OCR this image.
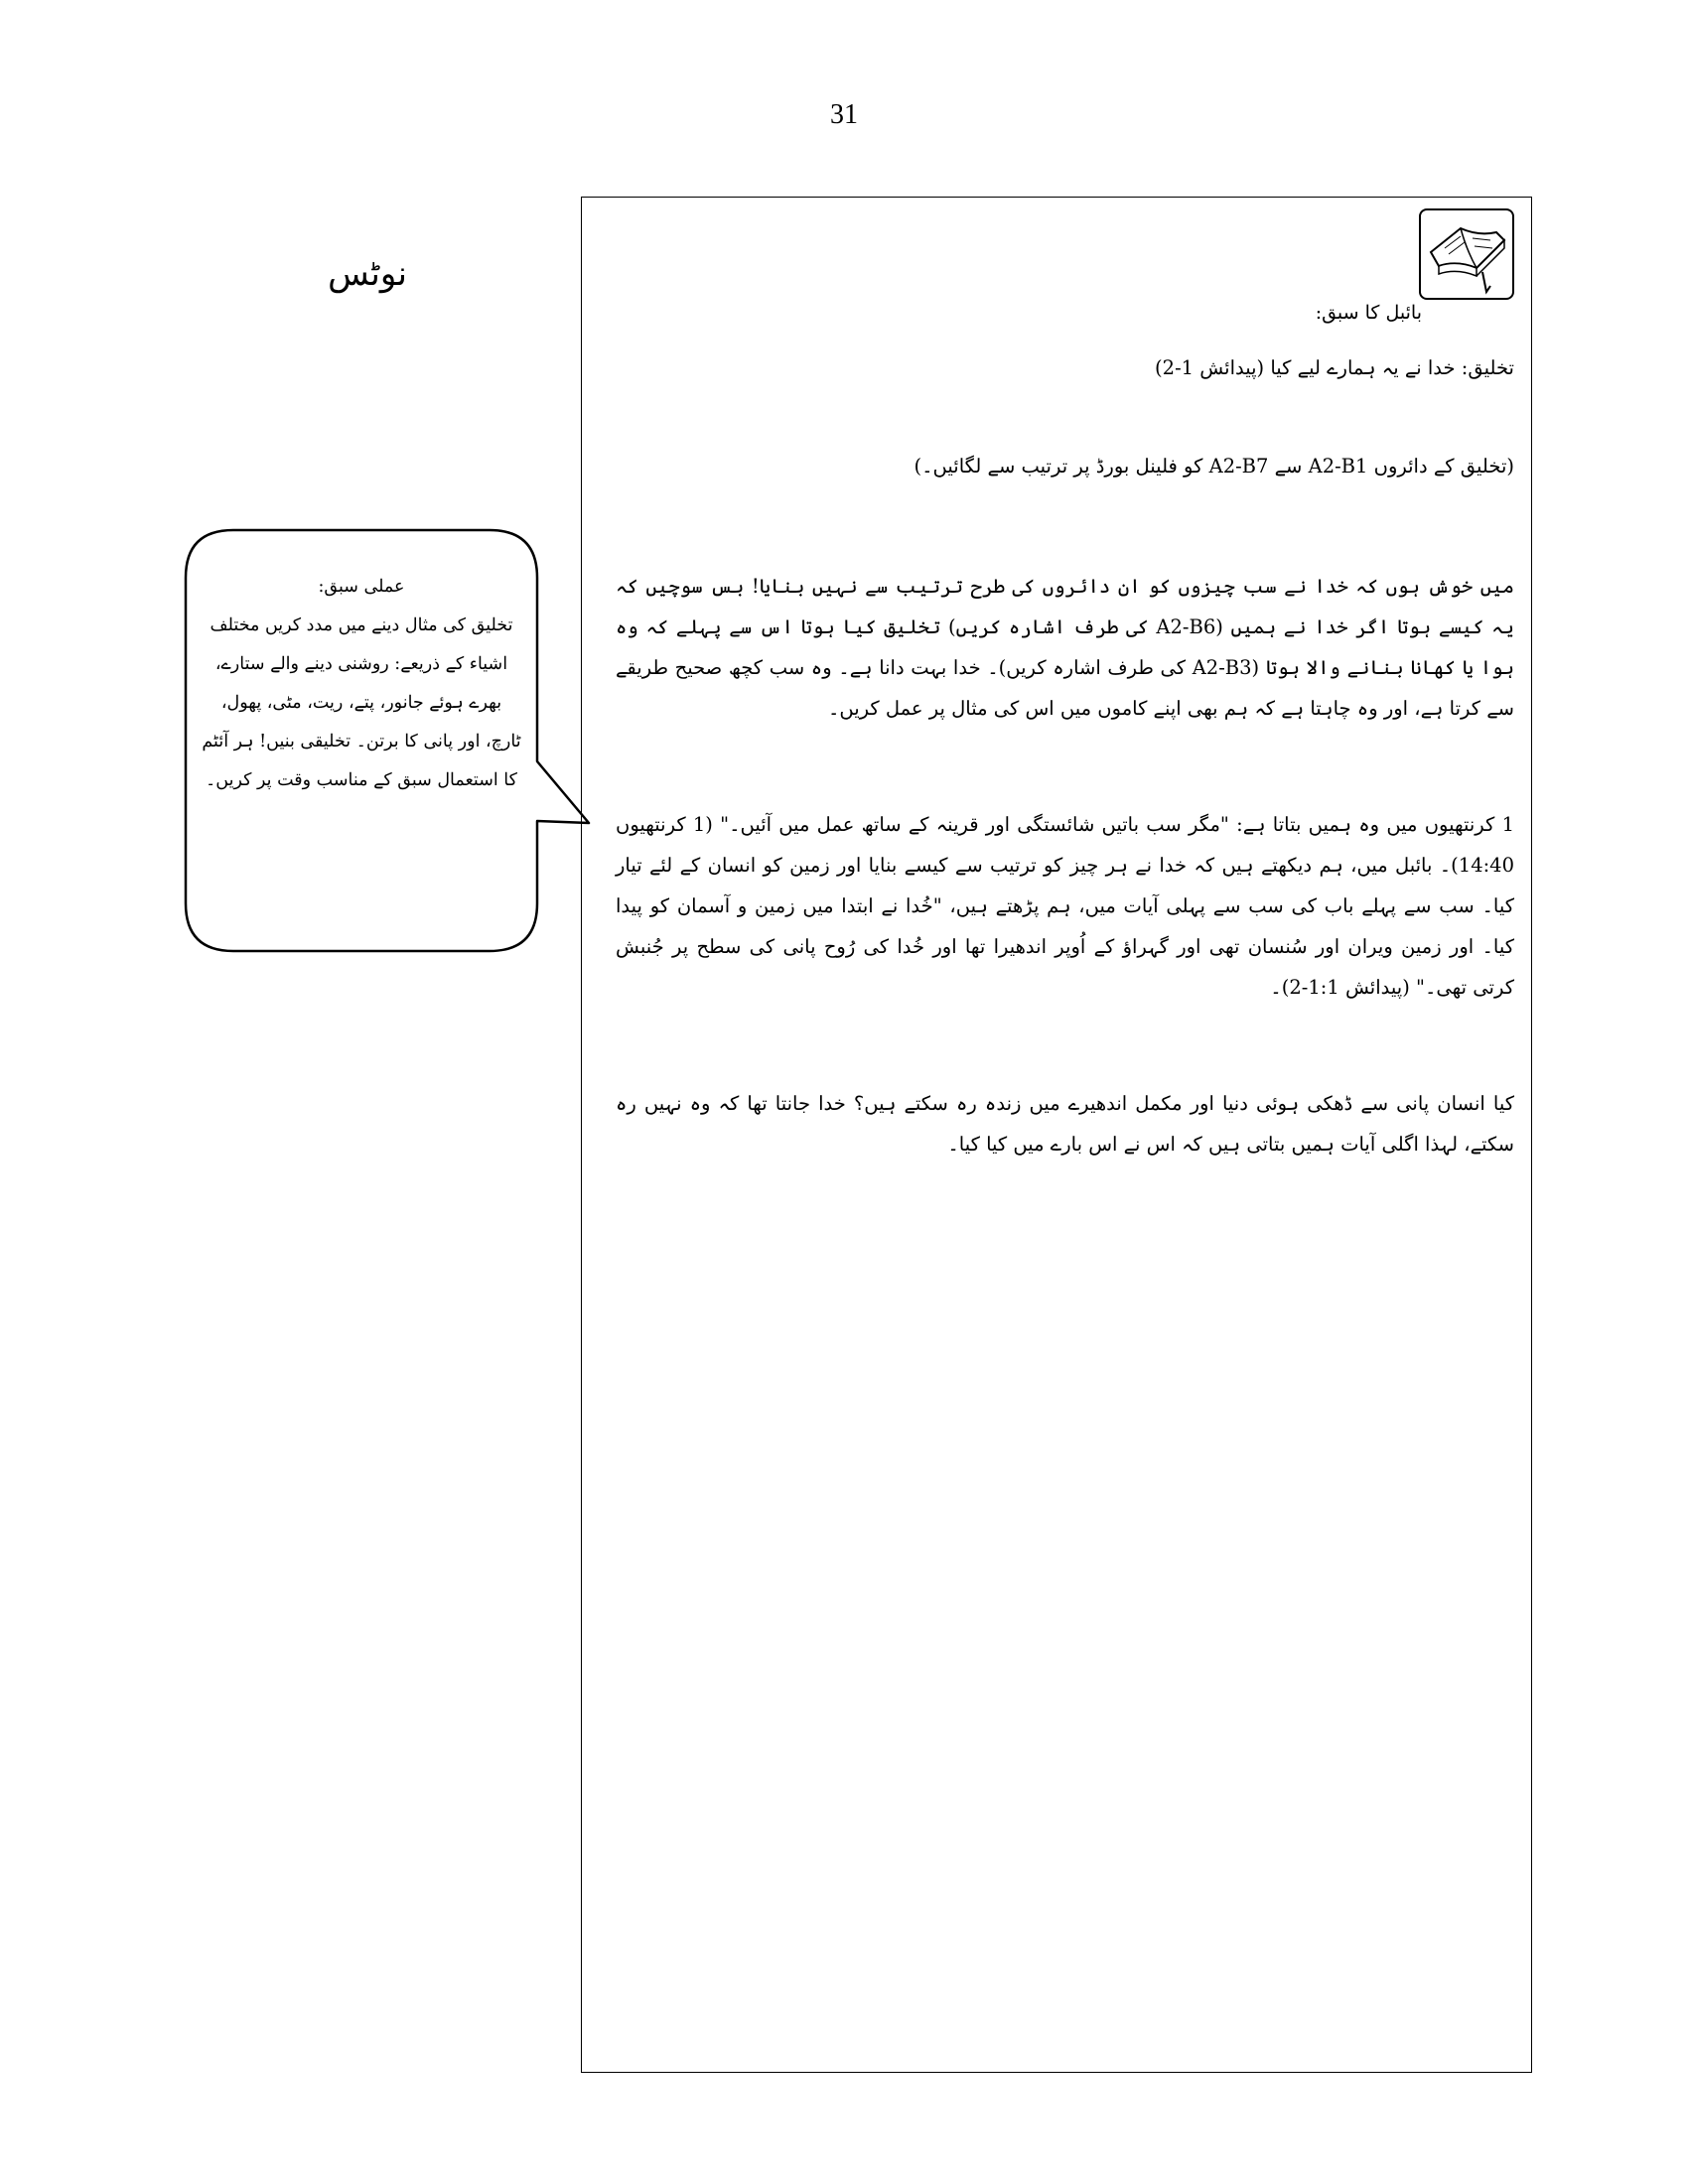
31
نوٹس
عملی سبق:
تخلیق کی مثال دینے میں مدد کریں مختلف اشیاء کے ذریعے: روشنی دینے والے ستارے، بھرے ہوئے جانور، پتے، ریت، مٹی، پھول، ٹارچ، اور پانی کا برتن۔ تخلیقی بنیں! ہر آئٹم کا استعمال سبق کے مناسب وقت پر کریں۔
بائبل کا سبق:

تخلیق: خدا نے یہ ہمارے لیے کیا (پیدائش 1-2)

(تخلیق کے دائروں A2-B1 سے A2-B7 کو فلینل بورڈ پر ترتیب سے لگائیں۔)

میں خوش ہوں کہ خدا نے سب چیزوں کو ان دائروں کی طرح ترتیب سے نہیں بنایا! بس سوچیں کہ یہ کیسے ہوتا اگر خدا نے ہمیں (A2-B6 کی طرف اشارہ کریں) تخلیق کیا ہوتا اس سے پہلے کہ وہ ہوا یا کھانا بنانے والا ہوتا (A2-B3 کی طرف اشارہ کریں)۔ خدا بہت دانا ہے۔ وہ سب کچھ صحیح طریقے سے کرتا ہے، اور وہ چاہتا ہے کہ ہم بھی اپنے کاموں میں اس کی مثال پر عمل کریں۔

1 کرنتھیوں میں وہ ہمیں بتاتا ہے: "مگر سب باتیں شائستگی اور قرینہ کے ساتھ عمل میں آئیں۔" (1 کرنتھیوں 14:40)۔ بائبل میں، ہم دیکھتے ہیں کہ خدا نے ہر چیز کو ترتیب سے کیسے بنایا اور زمین کو انسان کے لئے تیار کیا۔ سب سے پہلے باب کی سب سے پہلی آیات میں، ہم پڑھتے ہیں، "خُدا نے ابتدا میں زمین و آسمان کو پیدا کیا۔ اور زمین ویران اور سُنسان تھی اور گہراؤ کے اُوپر اندھیرا تھا اور خُدا کی رُوح پانی کی سطح پر جُنبش کرتی تھی۔" (پیدائش 1:1-2)۔

کیا انسان پانی سے ڈھکی ہوئی دنیا اور مکمل اندھیرے میں زندہ رہ سکتے ہیں؟ خدا جانتا تھا کہ وہ نہیں رہ سکتے، لہذا اگلی آیات ہمیں بتاتی ہیں کہ اس نے اس بارے میں کیا کیا۔
